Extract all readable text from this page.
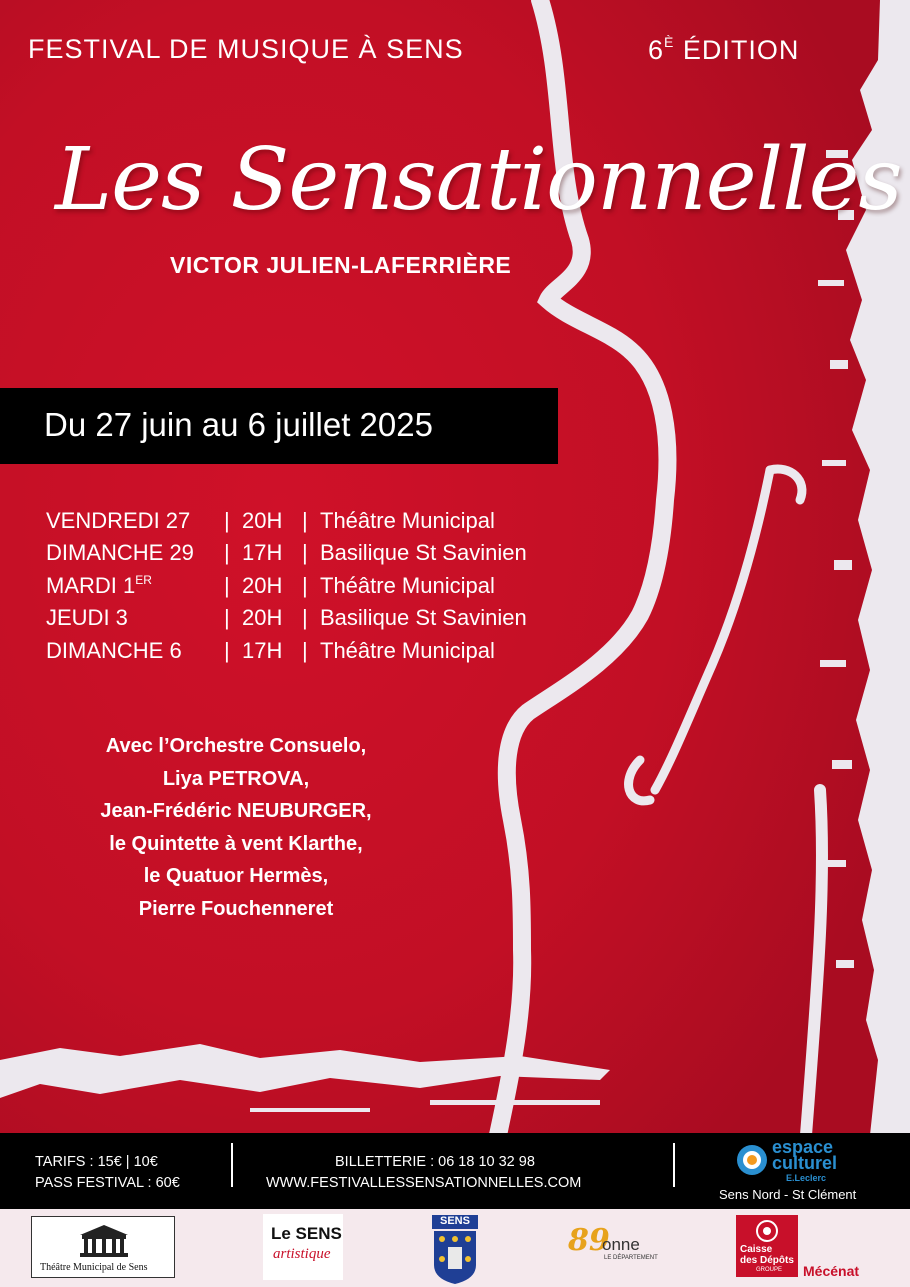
FESTIVAL DE MUSIQUE À SENS	$6^È$ ÉDITION
Les Sensationnelles
VICTOR JULIEN-LAFERRIÈRE
Du 27 juin au 6 juillet 2025
VENDREDI 27 | 20H | Théâtre Municipal
DIMANCHE 29 | 17H | Basilique St Savinien
MARDI 1ER	| 20H | Théâtre Municipal
JEUDI 3	| 20H | Basilique St Savinien
DIMANCHE 6 | 17H | Théâtre Municipal
Avec l’Orchestre Consuelo,
Liya PETROVA,
Jean-Frédéric NEUBURGER,
le Quintette à vent Klarthe,
le Quatuor Hermès,
Pierre Fouchenneret
TARIFS : 15€ | 10€
PASS FESTIVAL : 60€
BILLETTERIE : 06 18 10 32 98
WWW.FESTIVALLESSENSATIONNELLES.COM
espace
culturel
E.Leclerc
Sens Nord - St Clément
Théâtre Municipal de Sens
Le SENS
artistique
SENS
89
onne
LE DÉPARTEMENT
Caisse
des Dépôts
GROUPE Mécénat
